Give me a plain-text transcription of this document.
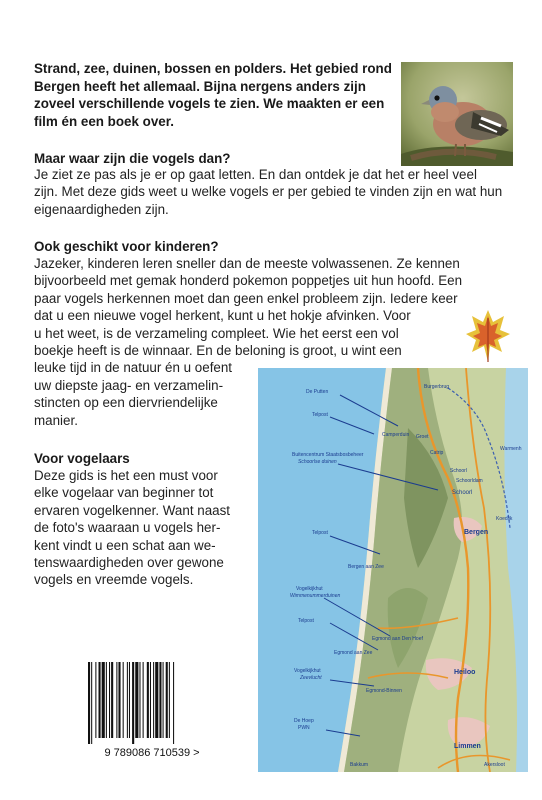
Strand, zee, duinen, bossen en polders. Het gebied rond Bergen heeft het allemaal. Bijna nergens anders zijn zoveel verschillende vogels te zien. We maakten er een film én een boek over.
Maar waar zijn die vogels dan?
Je ziet ze pas als je er op gaat letten. En dan ontdek je dat het er heel veel zijn. Met deze gids weet u welke vogels er per gebied te vinden zijn en wat hun eigenaardigheden zijn.
Ook geschikt voor kinderen?
Jazeker, kinderen leren sneller dan de meeste volwassenen. Ze kennen
bijvoorbeeld met gemak honderd pokemon poppetjes uit hun hoofd. Een
paar vogels herkennen moet dan geen enkel probleem zijn. Iedere keer
dat u een nieuwe vogel herkent, kunt u het hokje afvinken. Voor
u het weet, is de verzameling compleet. Wie het eerst een vol
boekje heeft is de winnaar. En de beloning is groot, u wint een
leuke tijd in de natuur én u oefent
uw diepste jaag- en verzamelin-
stincten op een diervriendelijke
manier.
Voor vogelaars
Deze gids is het een must voor
elke vogelaar van beginner tot
ervaren vogelkenner. Want naast
de foto's waaraan u vogels her-
kent vindt u een schat aan we-
tenswaardigheden over gewone
vogels en vreemde vogels.
De Putten
Telpost
Buitencentrum Staatsbosbeheer
Schoorlse duinen
Telpost
Vogelkijkhut
Wimmenummerduinen
Telpost
Vogelkijkhut
Zeevlucht
De Hoep
PWN
Burgerbrug
Camperduin Groet
Catrip
Schoorl
Schoorldam
Warmenh
Schoorl
Koedijk
Bergen
Bergen aan Zee
Egmond aan Den Hoef
Egmond aan Zee
Heiloo
Egmond-Binnen
Limmen
Bakkum	Akersloot
9 789086 710539 >
